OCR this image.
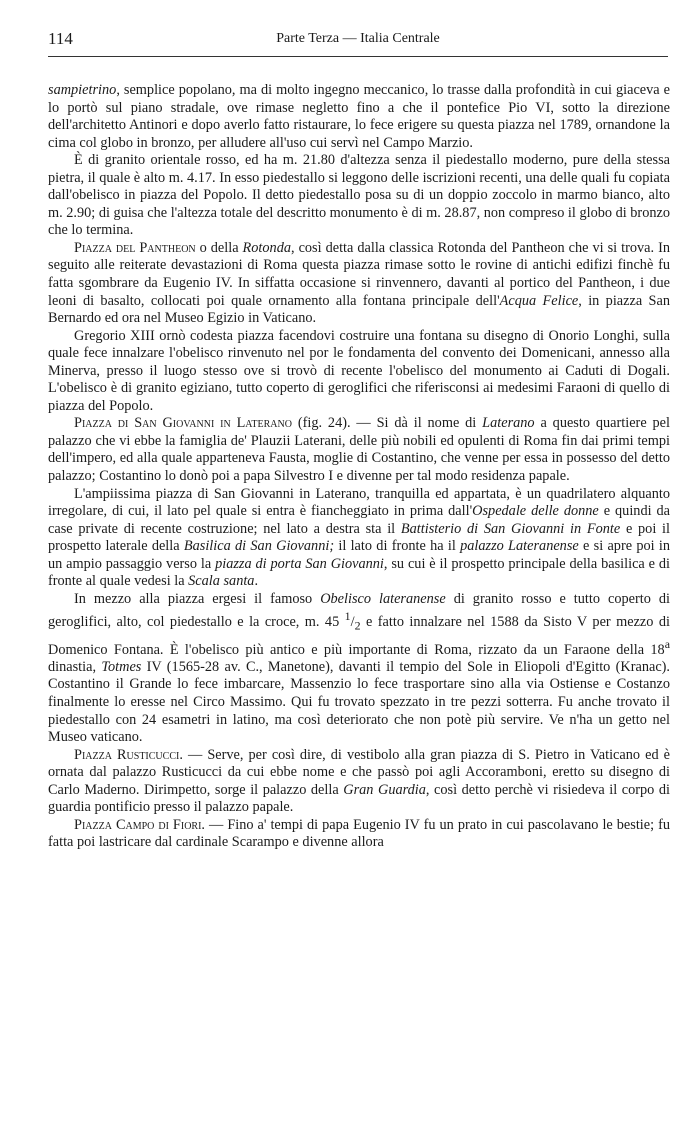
114	Parte Terza — Italia Centrale

sampietrino, semplice popolano, ma di molto ingegno meccanico, lo trasse dalla profondità in cui giaceva e lo portò sul piano stradale, ove rimase negletto fino a che il pontefice Pio VI, sotto la direzione dell'architetto Antinori e dopo averlo fatto ristaurare, lo fece erigere su questa piazza nel 1789, ornandone la cima col globo in bronzo, per alludere all'uso cui servì nel Campo Marzio.

È di granito orientale rosso, ed ha m. 21.80 d'altezza senza il piedestallo moderno, pure della stessa pietra, il quale è alto m. 4.17. In esso piedestallo si leggono delle iscrizioni recenti, una delle quali fu copiata dall'obelisco in piazza del Popolo. Il detto piedestallo posa su di un doppio zoccolo in marmo bianco, alto m. 2.90; di guisa che l'altezza totale del descritto monumento è di m. 28.87, non compreso il globo di bronzo che lo termina.

Piazza del Pantheon o della Rotonda, così detta dalla classica Rotonda del Pantheon che vi si trova. In seguito alle reiterate devastazioni di Roma questa piazza rimase sotto le rovine di antichi edifizi finchè fu fatta sgombrare da Eugenio IV. In siffatta occasione si rinvennero, davanti al portico del Pantheon, i due leoni di basalto, collocati poi quale ornamento alla fontana principale dell'Acqua Felice, in piazza San Bernardo ed ora nel Museo Egizio in Vaticano.

Gregorio XIII ornò codesta piazza facendovi costruire una fontana su disegno di Onorio Longhi, sulla quale fece innalzare l'obelisco rinvenuto nel por le fondamenta del convento dei Domenicani, annesso alla Minerva, presso il luogo stesso ove si trovò di recente l'obelisco del monumento ai Caduti di Dogali. L'obelisco è di granito egiziano, tutto coperto di geroglifici che riferisconsi ai medesimi Faraoni di quello di piazza del Popolo.

Piazza di San Giovanni in Laterano (fig. 24). — Si dà il nome di Laterano a questo quartiere pel palazzo che vi ebbe la famiglia de' Plauzii Laterani, delle più nobili ed opulenti di Roma fin dai primi tempi dell'impero, ed alla quale apparteneva Fausta, moglie di Costantino, che venne per essa in possesso del detto palazzo; Costantino lo donò poi a papa Silvestro I e divenne per tal modo residenza papale.

L'ampiissima piazza di San Giovanni in Laterano, tranquilla ed appartata, è un quadrilatero alquanto irregolare, di cui, il lato pel quale si entra è fiancheggiato in prima dall'Ospedale delle donne e quindi da case private di recente costruzione; nel lato a destra sta il Battisterio di San Giovanni in Fonte e poi il prospetto laterale della Basilica di San Giovanni; il lato di fronte ha il palazzo Lateranense e si apre poi in un ampio passaggio verso la piazza di porta San Giovanni, su cui è il prospetto principale della basilica e di fronte al quale vedesi la Scala santa.

In mezzo alla piazza ergesi il famoso Obelisco lateranense di granito rosso e tutto coperto di geroglifici, alto, col piedestallo e la croce, m. 45 $^1/_2$ e fatto innalzare nel 1588 da Sisto V per mezzo di Domenico Fontana. È l'obelisco più antico e più importante di Roma, rizzato da un Faraone della 18$^a$ dinastia, Totmes IV (1565-28 av. C., Manetone), davanti il tempio del Sole in Eliopoli d'Egitto (Kranac). Costantino il Grande lo fece imbarcare, Massenzio lo fece trasportare sino alla via Ostiense e Costanzo finalmente lo eresse nel Circo Massimo. Qui fu trovato spezzato in tre pezzi sotterra. Fu anche trovato il piedestallo con 24 esametri in latino, ma così deteriorato che non potè più servire. Ve n'ha un getto nel Museo vaticano.

Piazza Rusticucci. — Serve, per così dire, di vestibolo alla gran piazza di S. Pietro in Vaticano ed è ornata dal palazzo Rusticucci da cui ebbe nome e che passò poi agli Accoramboni, eretto su disegno di Carlo Maderno. Dirimpetto, sorge il palazzo della Gran Guardia, così detto perchè vi risiedeva il corpo di guardia pontificio presso il palazzo papale.

Piazza Campo di Fiori. — Fino a' tempi di papa Eugenio IV fu un prato in cui pascolavano le bestie; fu fatta poi lastricare dal cardinale Scarampo e divenne allora
